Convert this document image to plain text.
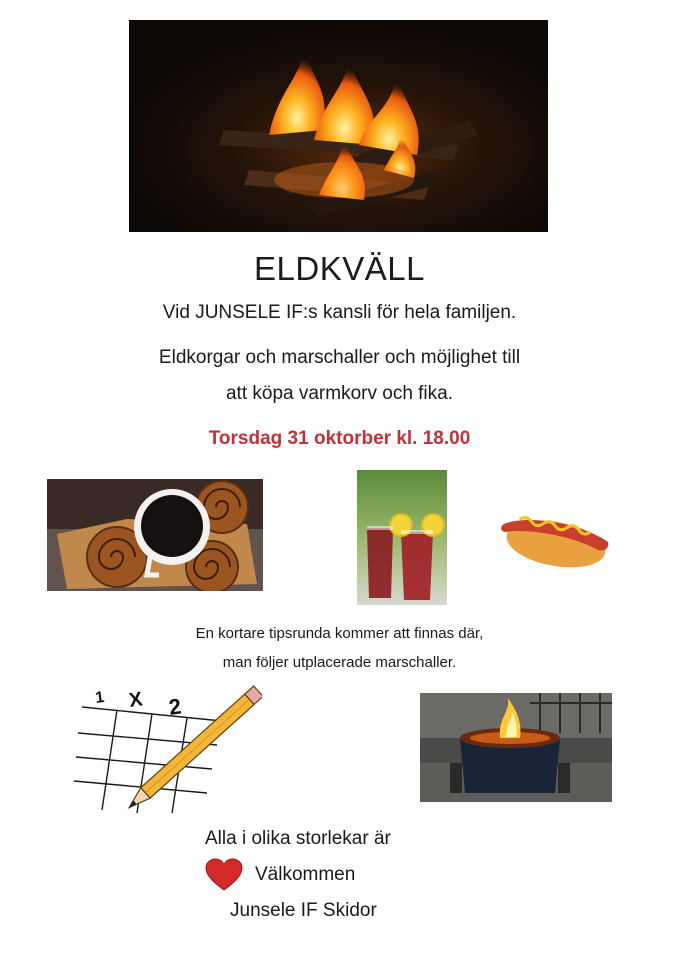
ELDKVÄLL
Vid JUNSELE IF:s kansli för hela familjen.
Eldkorgar och marschaller och möjlighet till
att köpa varmkorv och fika.
Torsdag 31 oktorber kl. 18.00
En kortare tipsrunda kommer att finnas där,
man följer utplacerade marschaller.
1 X 2
Alla i olika storlekar är
Välkommen
Junsele IF Skidor
